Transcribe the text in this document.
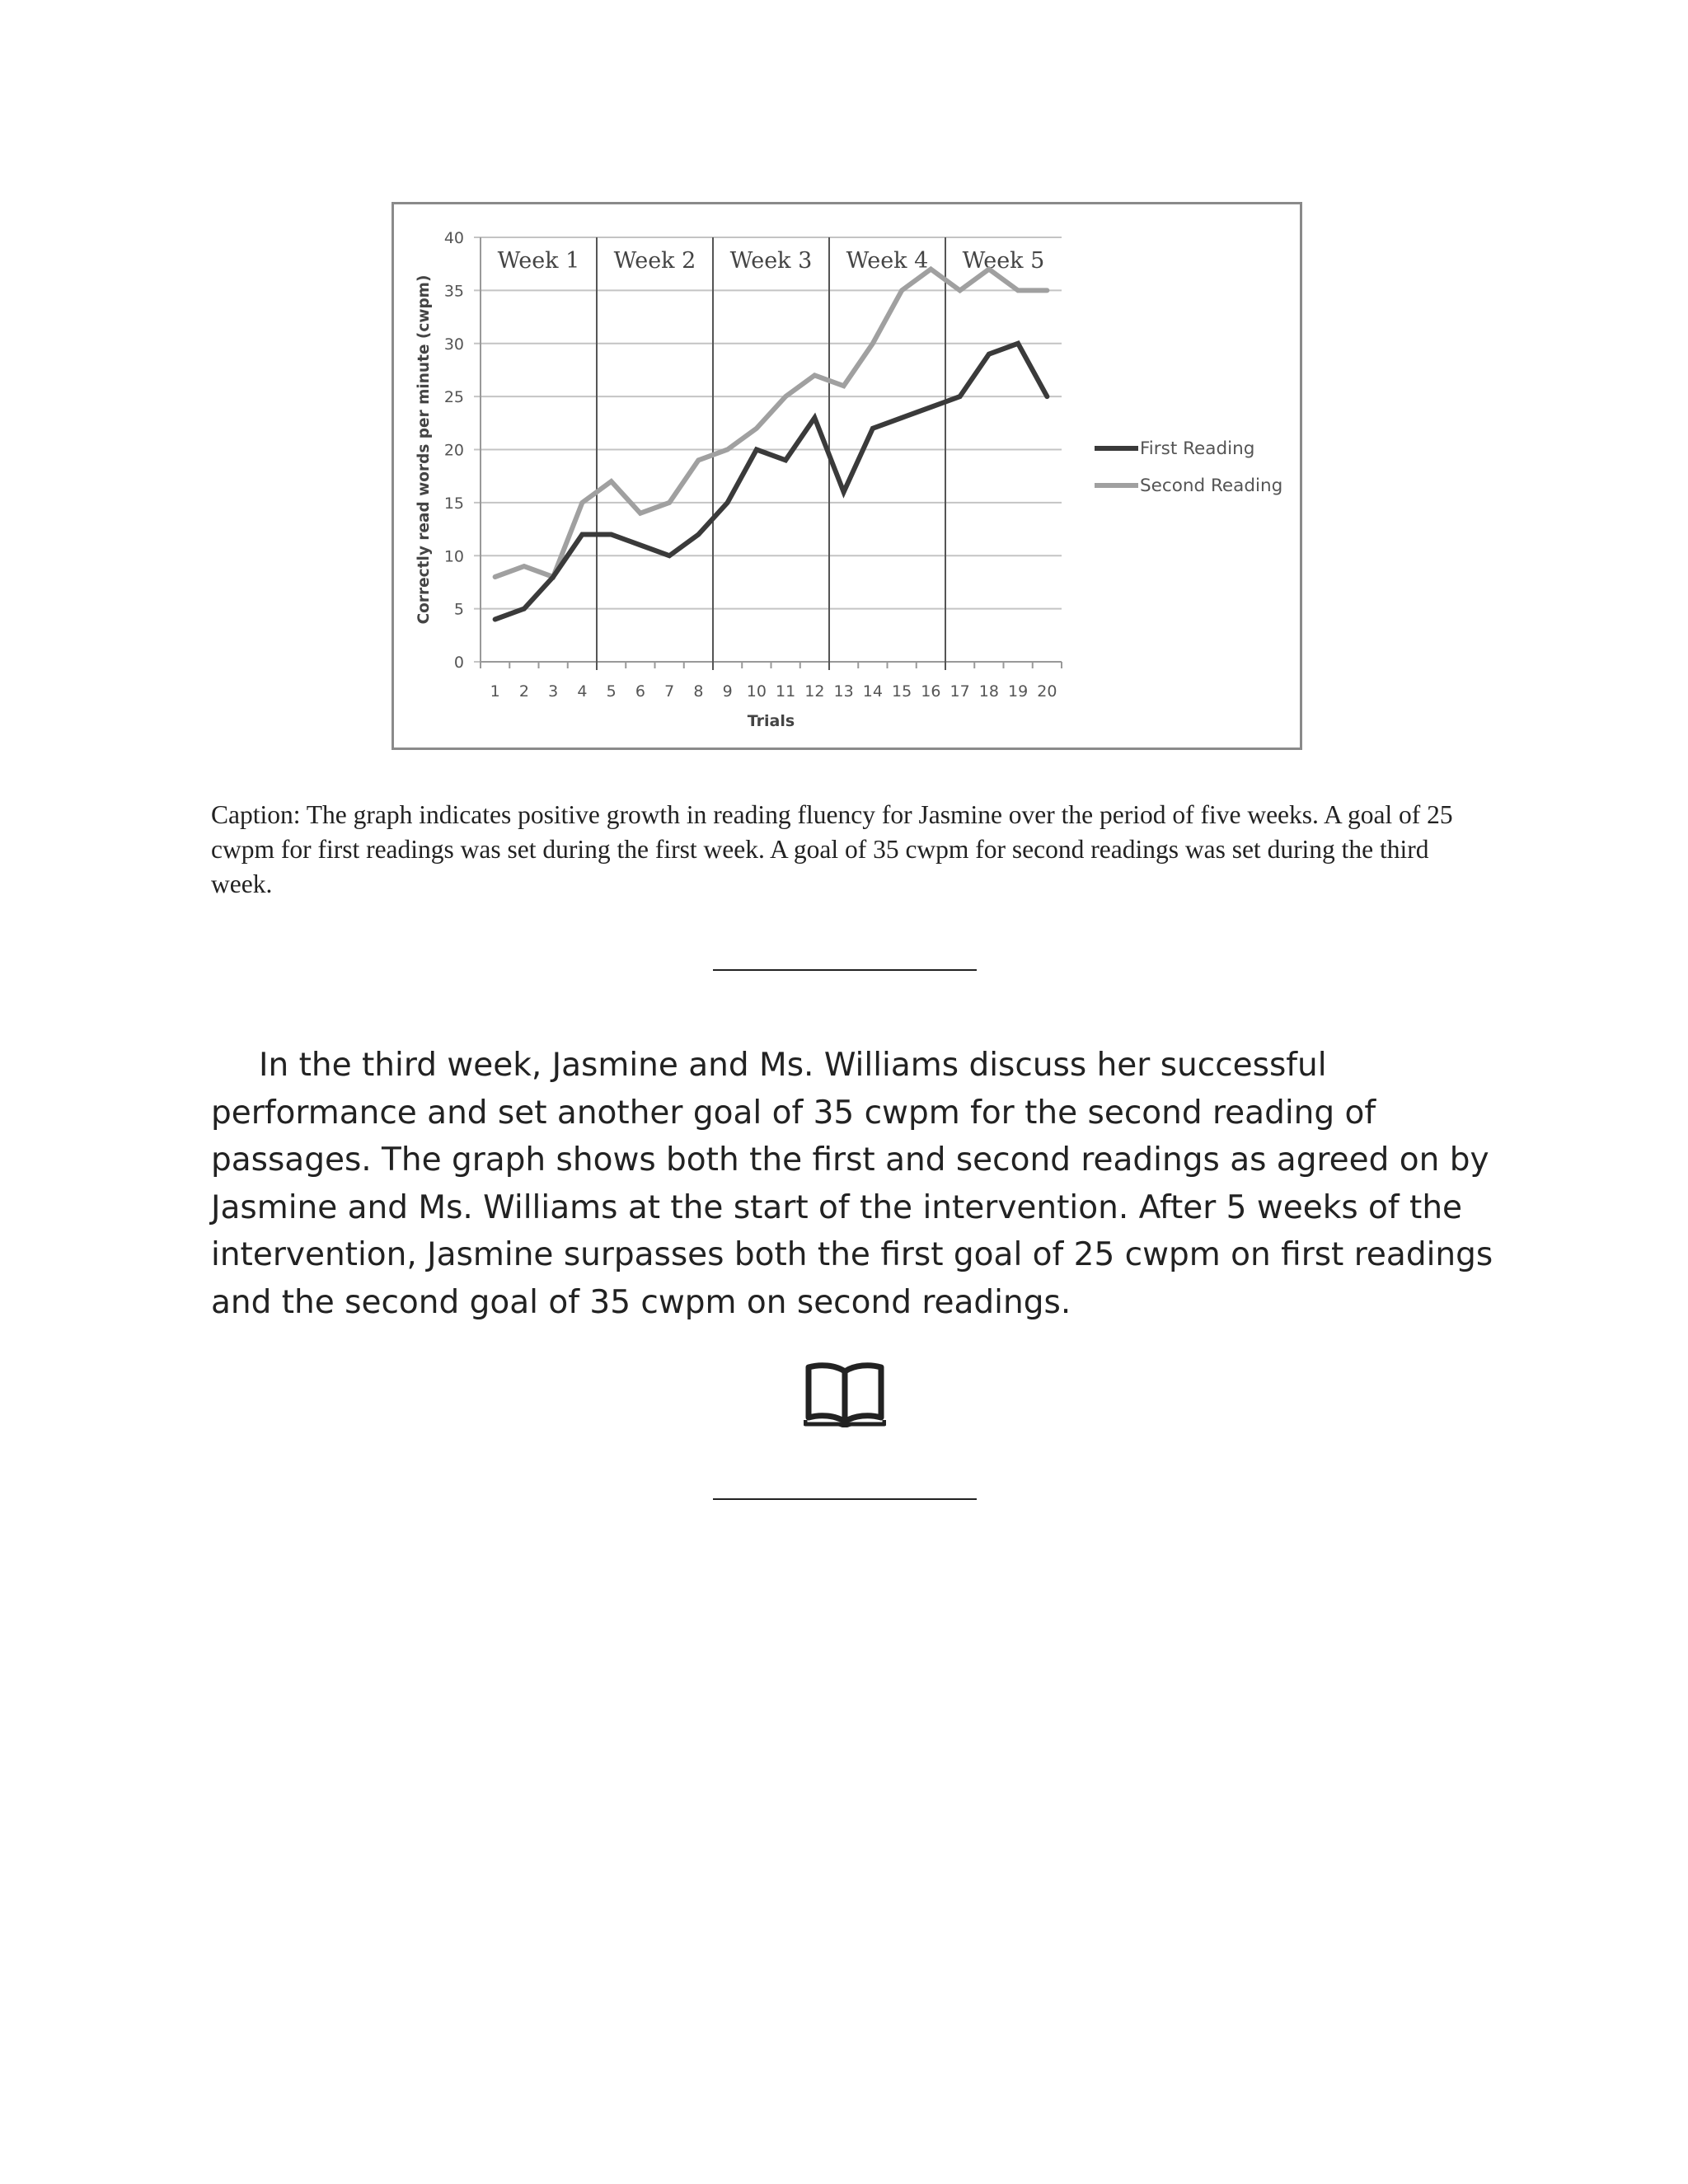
0
5
10
15
20
25
30
35
40
1 2 3 4 5 6 7 8 9 10 11 12 13 14 15 16 17 18 19 20
Week 1 Week 2 Week 3 Week 4 Week 5
Correctly read words per minute (cwpm)
Trials
First Reading
Second Reading

Caption: The graph indicates positive growth in reading fluency for Jasmine over the period of five weeks. A goal of 25 cwpm for first readings was set during the first week. A goal of 35 cwpm for second readings was set during the third week.

In the third week, Jasmine and Ms. Williams discuss her successful performance and set another goal of 35 cwpm for the second reading of passages. The graph shows both the first and second readings as agreed on by Jasmine and Ms. Williams at the start of the intervention. After 5 weeks of the intervention, Jasmine surpasses both the first goal of 25 cwpm on first readings and the second goal of 35 cwpm on second readings.
